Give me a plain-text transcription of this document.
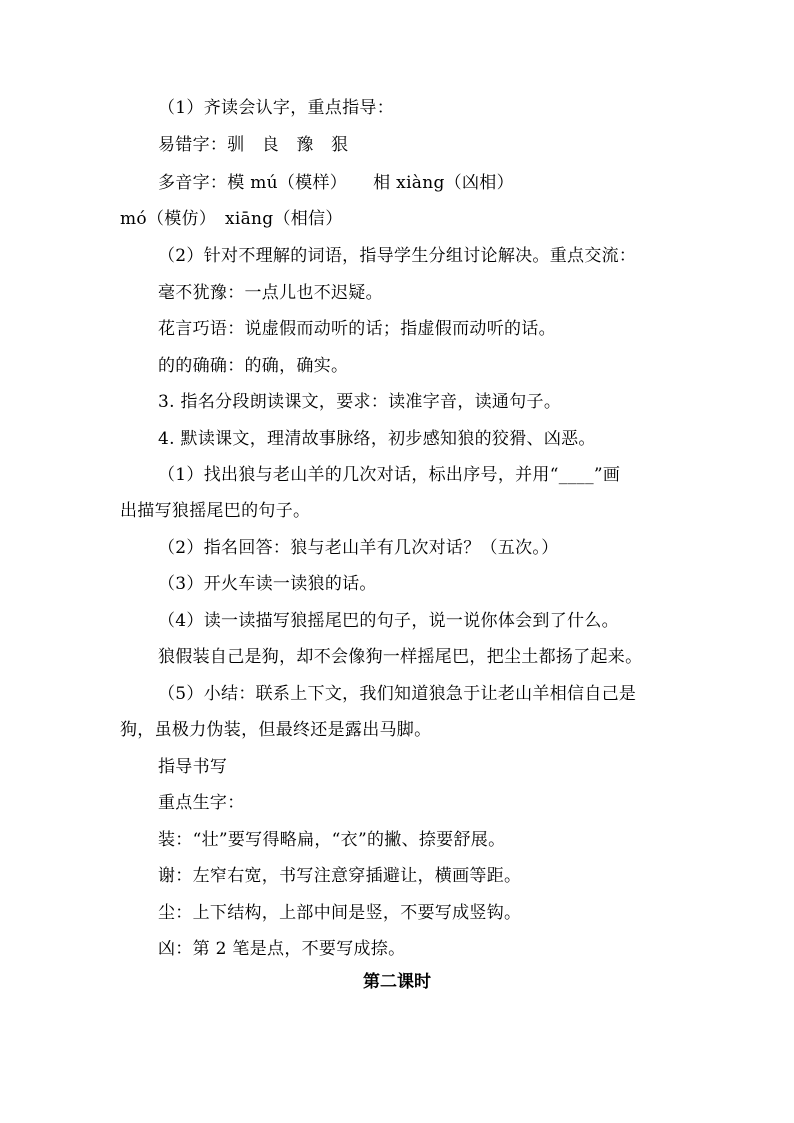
（1）齐读会认字，重点指导：
易错字：驯　良　豫　狠
多音字：模 mú（模样）　　相 xiàng（凶相）
mó（模仿）　xiāng（相信）
（2）针对不理解的词语，指导学生分组讨论解决。重点交流：
毫不犹豫：一点儿也不迟疑。
花言巧语：说虚假而动听的话；指虚假而动听的话。
的的确确：的确，确实。
3. 指名分段朗读课文，要求：读准字音，读通句子。
4. 默读课文，理清故事脉络，初步感知狼的狡猾、凶恶。
（1）找出狼与老山羊的几次对话，标出序号，并用“____”画
出描写狼摇尾巴的句子。
（2）指名回答：狼与老山羊有几次对话？（五次。）
（3）开火车读一读狼的话。
（4）读一读描写狼摇尾巴的句子，说一说你体会到了什么。
狼假装自己是狗，却不会像狗一样摇尾巴，把尘土都扬了起来。
（5）小结：联系上下文，我们知道狼急于让老山羊相信自己是
狗，虽极力伪装，但最终还是露出马脚。
指导书写
重点生字：
装：“壮”要写得略扁，“衣”的撇、捺要舒展。
谢：左窄右宽，书写注意穿插避让，横画等距。
尘：上下结构，上部中间是竖，不要写成竖钩。
凶：第 2 笔是点，不要写成捺。
第二课时
